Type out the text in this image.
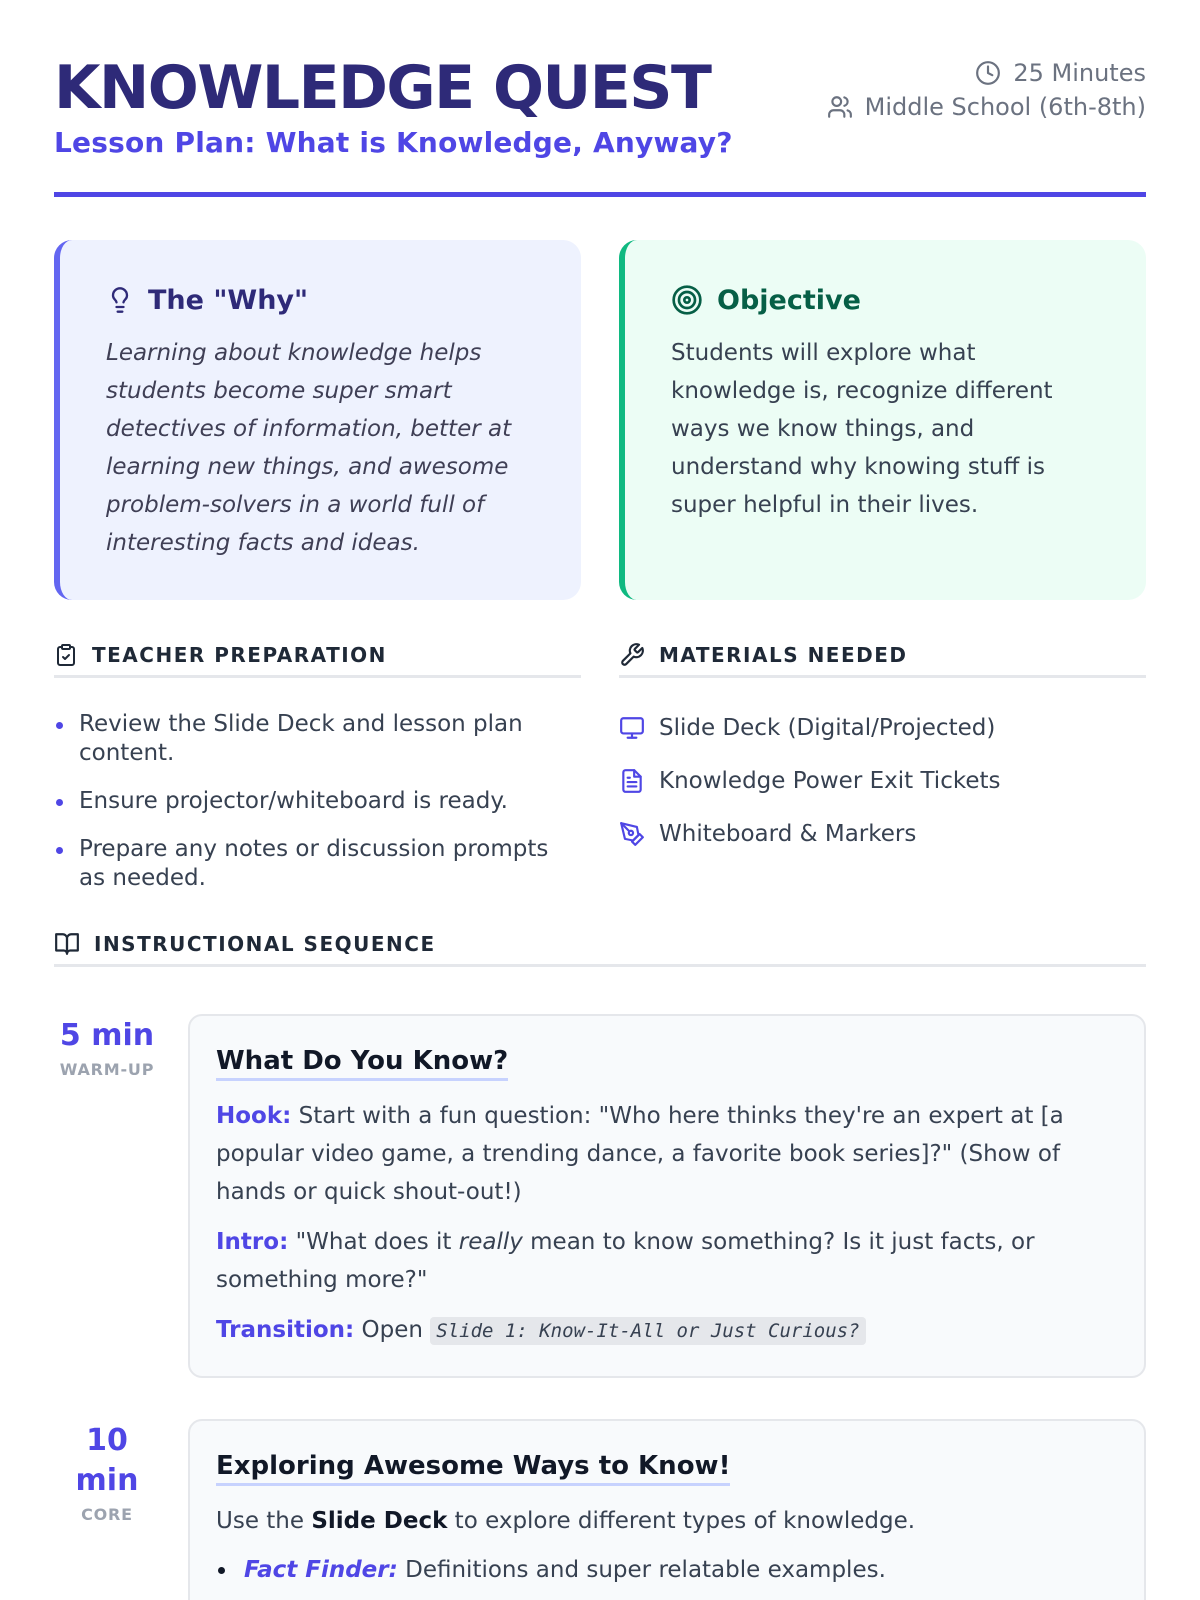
KNOWLEDGE QUEST
Lesson Plan: What is Knowledge, Anyway?
25 Minutes
Middle School (6th-8th)
The "Why"
Learning about knowledge helps students become super smart detectives of information, better at learning new things, and awesome problem-solvers in a world full of interesting facts and ideas.
Objective
Students will explore what knowledge is, recognize different ways we know things, and understand why knowing stuff is super helpful in their lives.
TEACHER PREPARATION
Review the Slide Deck and lesson plan content.
Ensure projector/whiteboard is ready.
Prepare any notes or discussion prompts as needed.
MATERIALS NEEDED
Slide Deck (Digital/Projected)
Knowledge Power Exit Tickets
Whiteboard & Markers
INSTRUCTIONAL SEQUENCE
5 min
WARM-UP	What Do You Know?
Hook: Start with a fun question: "Who here thinks they're an expert at [a popular video game, a trending dance, a favorite book series]?" (Show of hands or quick shout-out!)
Intro: "What does it really mean to know something? Is it just facts, or something more?"
Transition: Open Slide 1: Know-It-All or Just Curious?
10 min
CORE
Exploring Awesome Ways to Know!
Use the Slide Deck to explore different types of knowledge.
Fact Finder: Definitions and super relatable examples.
